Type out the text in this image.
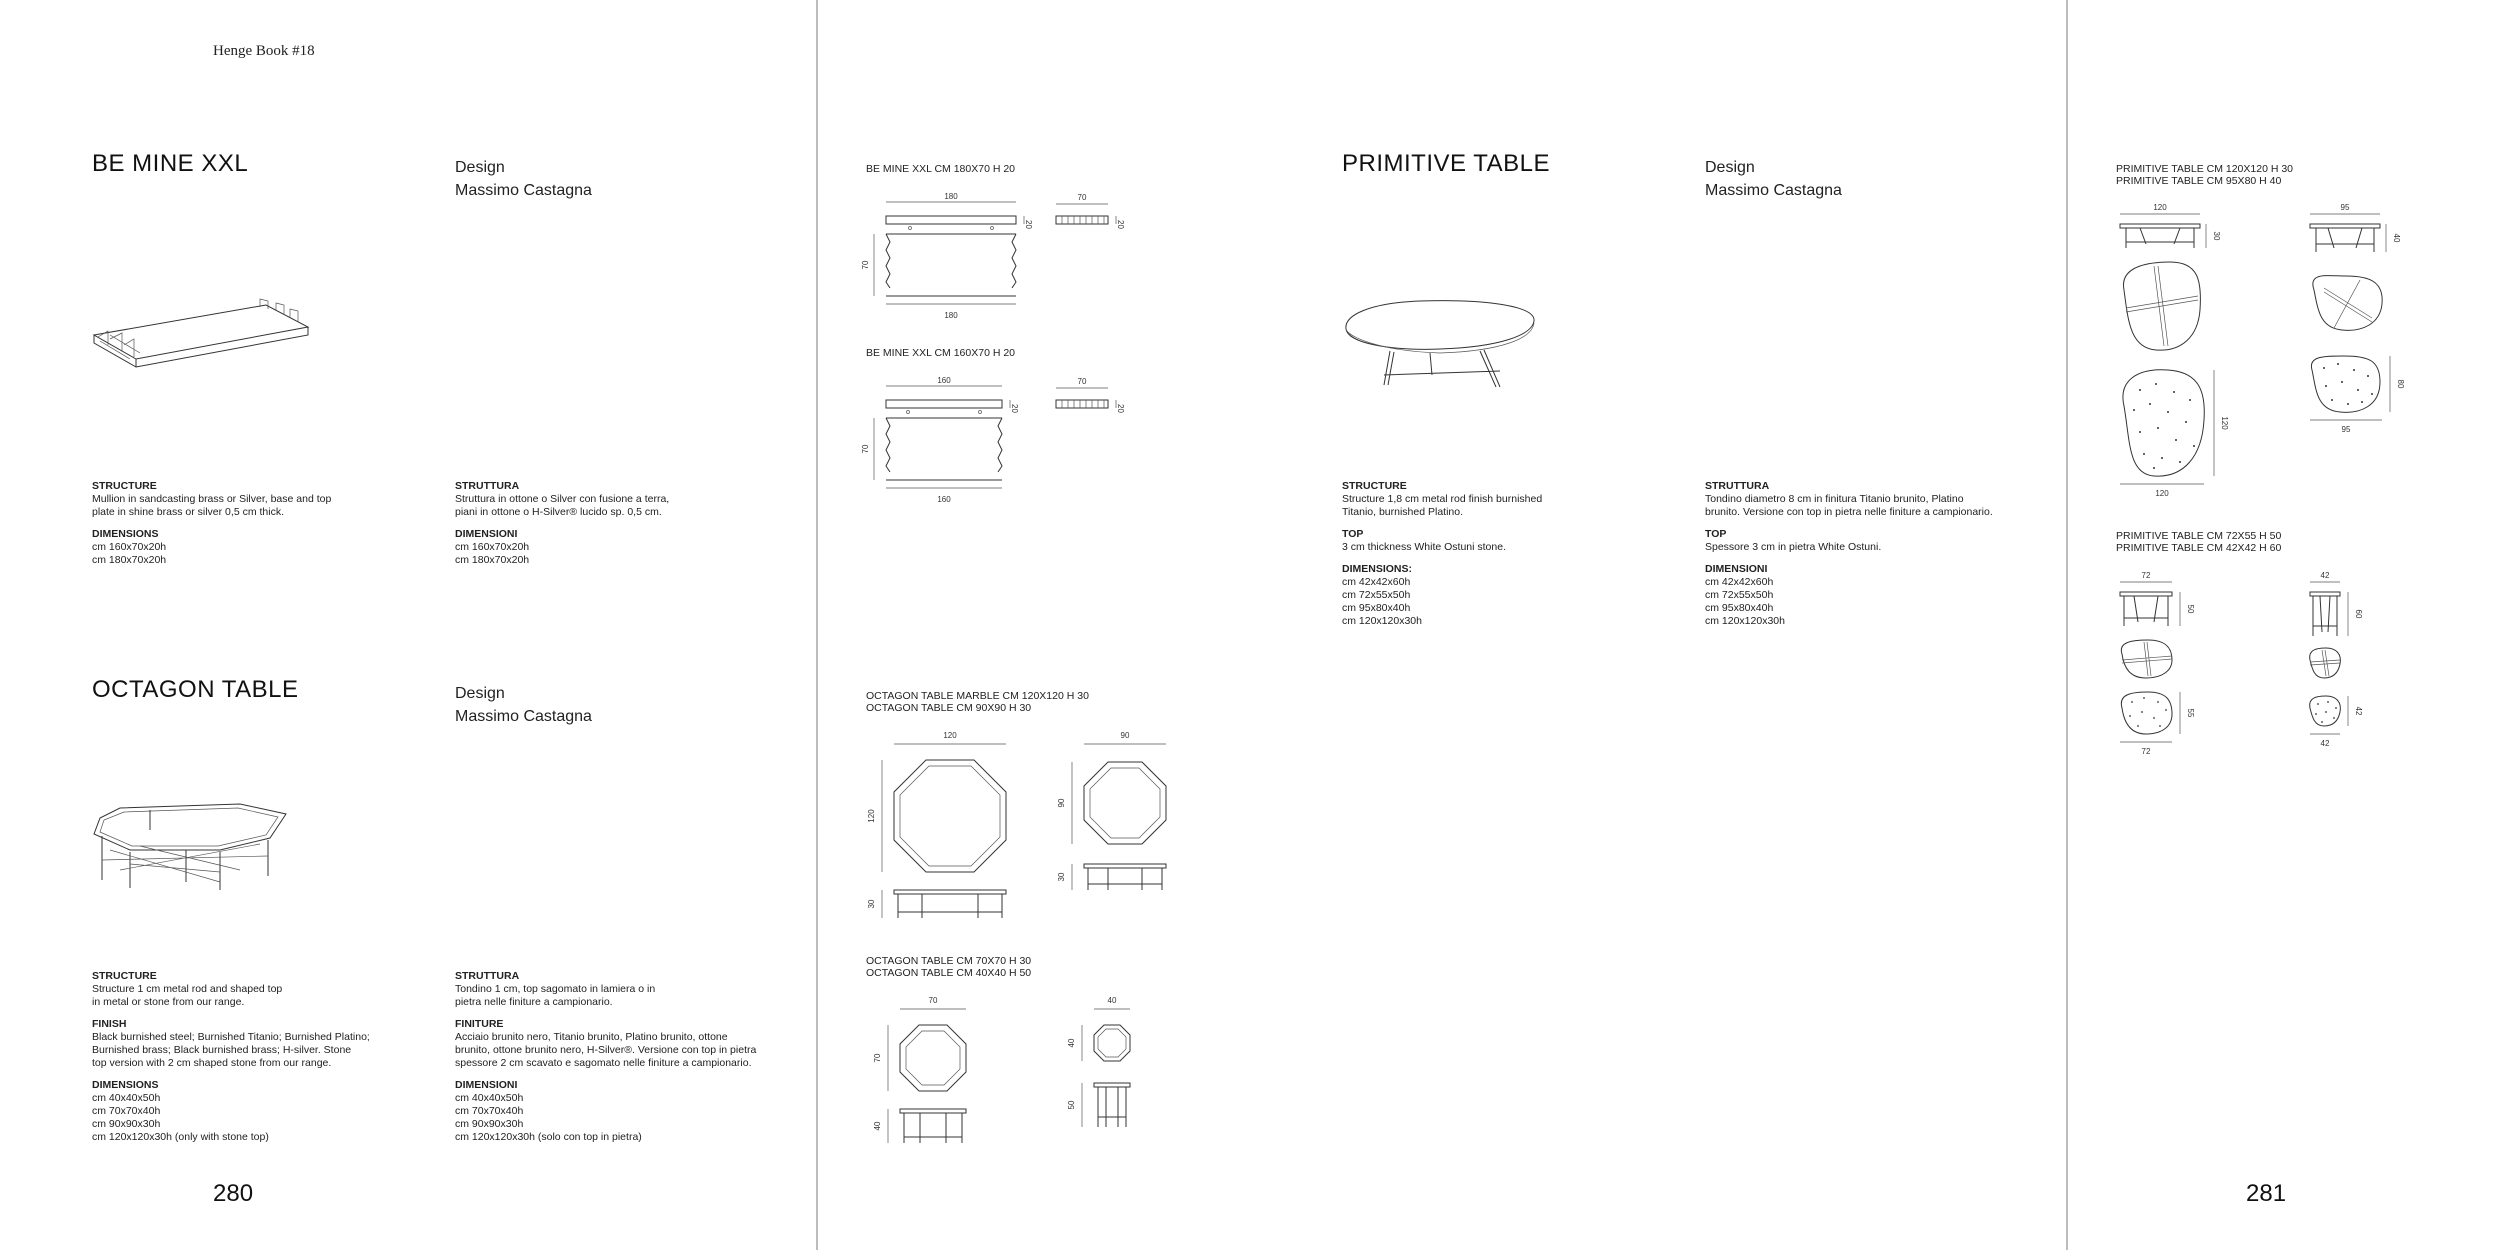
Henge Book #18
BE MINE XXL	Design
Massimo Castagna
STRUCTURE
Mullion in sandcasting brass or Silver, base and top
plate in shine brass or silver 0,5 cm thick.
DIMENSIONS
cm 160x70x20h
cm 180x70x20h
STRUTTURA
Struttura in ottone o Silver con fusione a terra,
piani in ottone o H-Silver® lucido sp. 0,5 cm.
DIMENSIONI
cm 160x70x20h
cm 180x70x20h
OCTAGON TABLE	Design
Massimo Castagna
STRUCTURE
Structure 1 cm metal rod and shaped top
in metal or stone from our range.
FINISH
Black burnished steel; Burnished Titanio; Burnished Platino;
Burnished brass; Black burnished brass; H-silver. Stone
top version with 2 cm shaped stone from our range.
DIMENSIONS
cm 40x40x50h
cm 70x70x40h
cm 90x90x30h
cm 120x120x30h (only with stone top)
STRUTTURA
Tondino 1 cm, top sagomato in lamiera o in
pietra nelle finiture a campionario.
FINITURE
Acciaio brunito nero, Titanio brunito, Platino brunito, ottone
brunito, ottone brunito nero, H-Silver®. Versione con top in pietra
spessore 2 cm scavato e sagomato nelle finiture a campionario.
DIMENSIONI
cm 40x40x50h
cm 70x70x40h
cm 90x90x30h
cm 120x120x30h (solo con top in pietra)
280
BE MINE XXL CM 180X70 H 20
180
20
70
180
70
20
BE MINE XXL CM 160X70 H 20
160
20
70
160
70
20
OCTAGON TABLE MARBLE CM 120X120 H 30
OCTAGON TABLE CM 90X90 H 30
120
120
30
90
90
30
OCTAGON TABLE CM 70X70 H 30
OCTAGON TABLE CM 40X40 H 50
70
70
40
40
40
50
PRIMITIVE TABLE	Design
Massimo Castagna
STRUCTURE
Structure 1,8 cm metal rod finish burnished
Titanio, burnished Platino.
TOP
3 cm thickness White Ostuni stone.
DIMENSIONS:
cm 42x42x60h
cm 72x55x50h
cm 95x80x40h
cm 120x120x30h
STRUTTURA
Tondino diametro 8 cm in finitura Titanio brunito, Platino
brunito. Versione con top in pietra nelle finiture a campionario.
TOP
Spessore 3 cm in pietra White Ostuni.
DIMENSIONI
cm 42x42x60h
cm 72x55x50h
cm 95x80x40h
cm 120x120x30h
PRIMITIVE TABLE CM 120X120 H 30
PRIMITIVE TABLE CM 95X80 H 40
120
30
120
120
95
40
80
95
PRIMITIVE TABLE CM 72X55 H 50
PRIMITIVE TABLE CM 42X42 H 60
72
50
55
72
42
60
42
42
281
